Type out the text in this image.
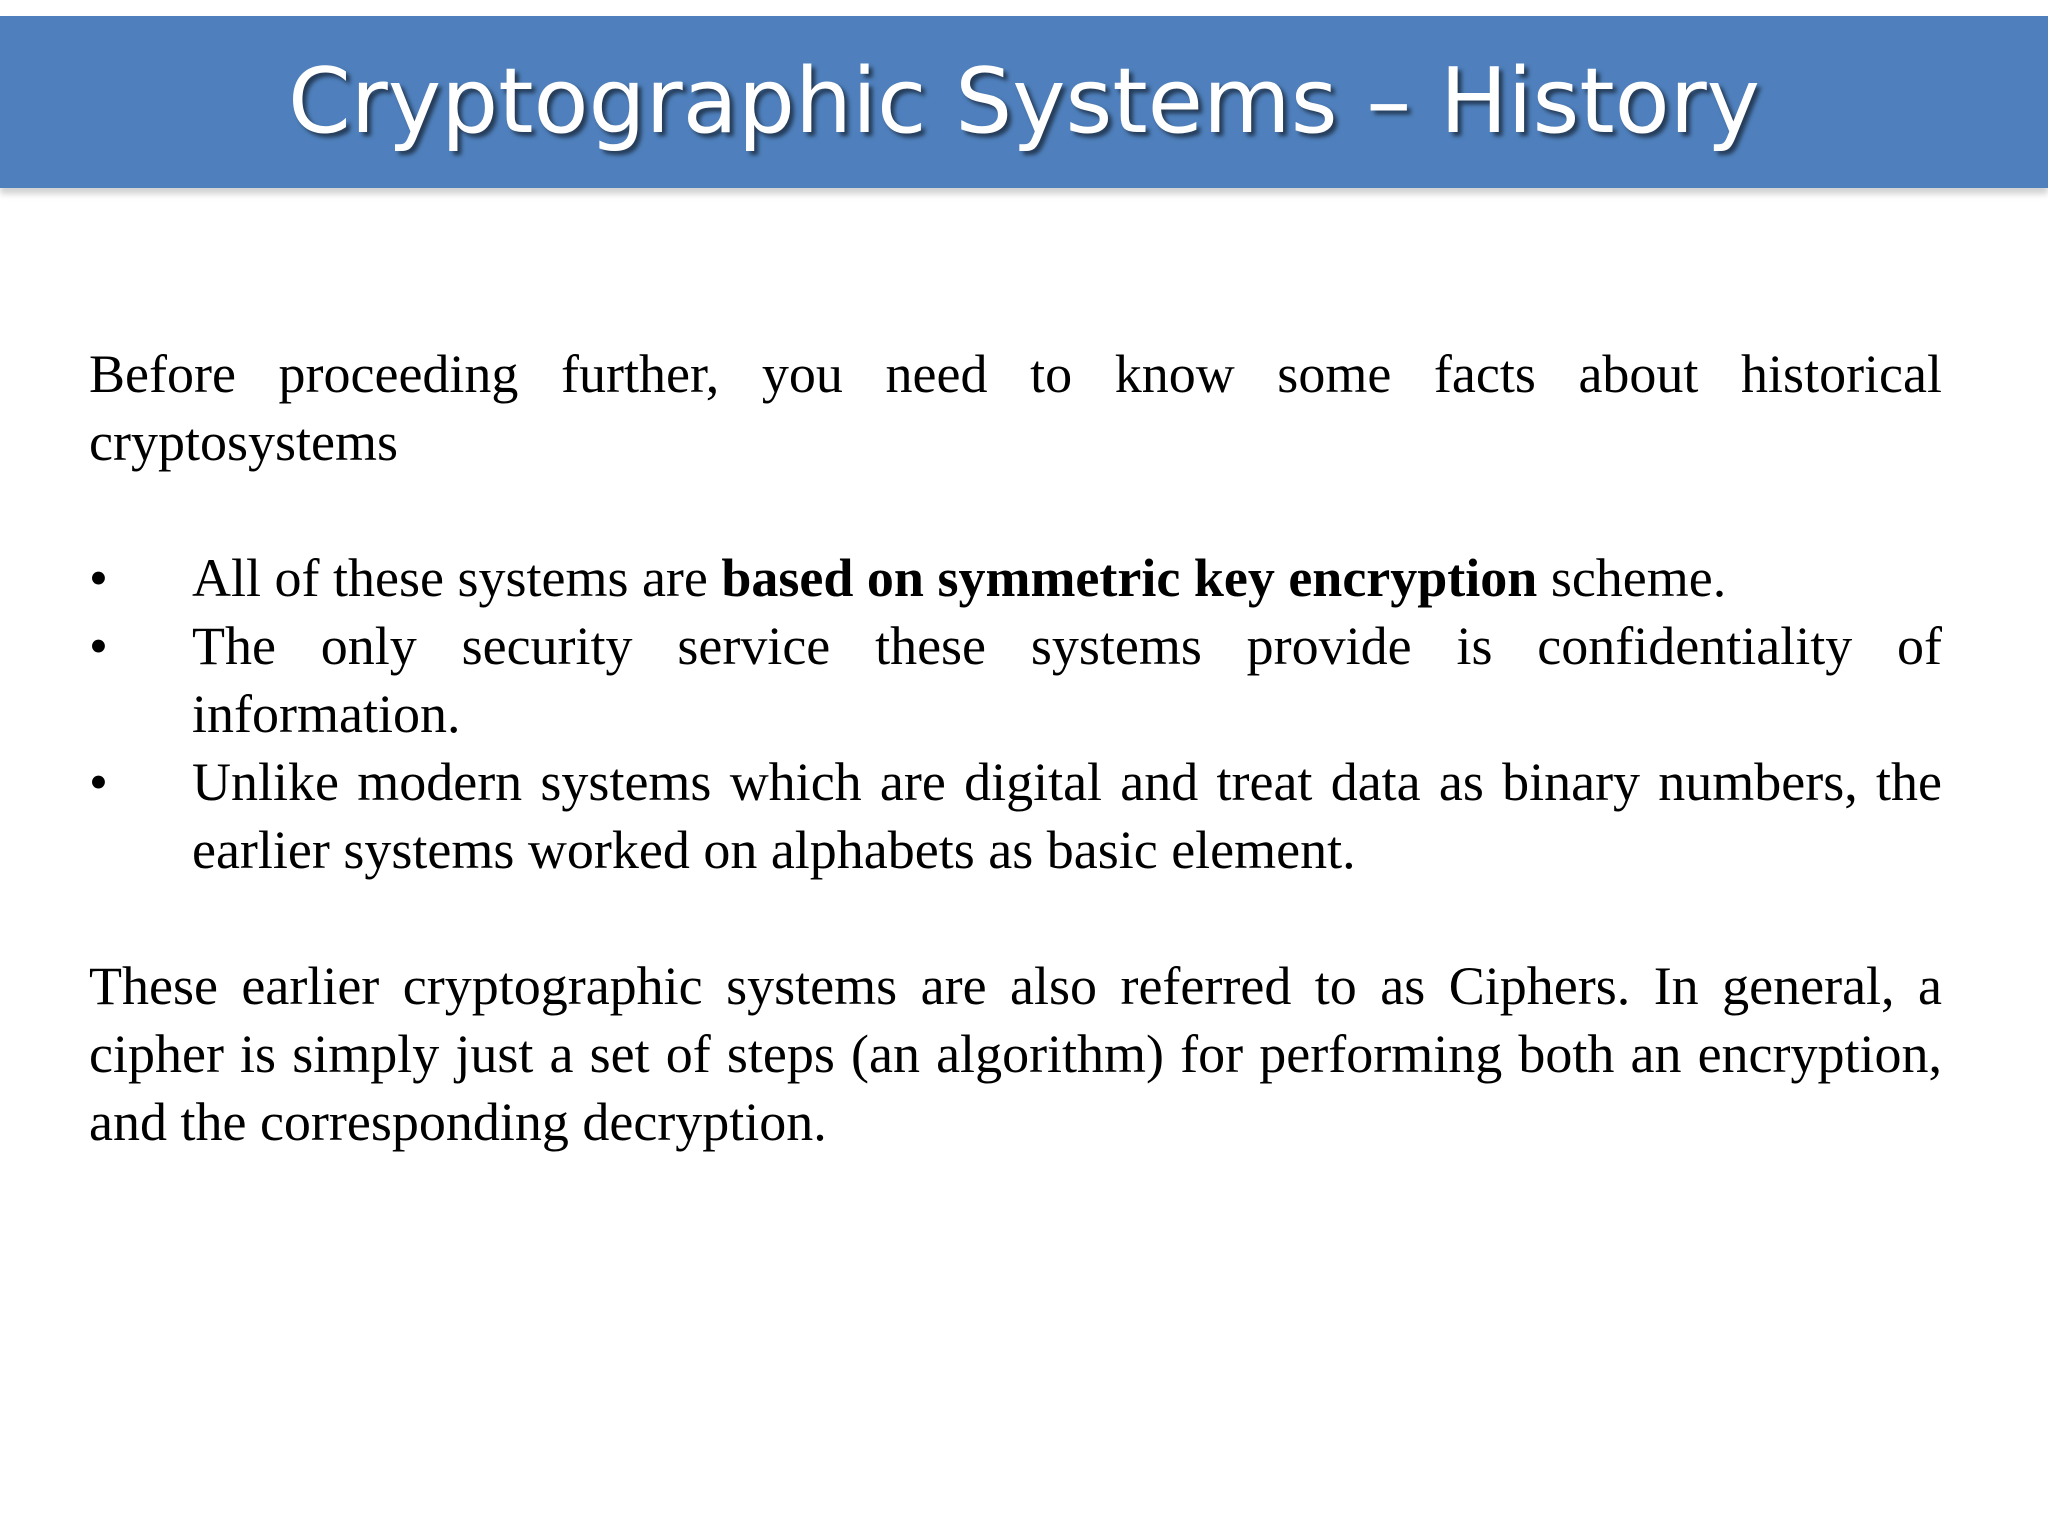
Cryptographic Systems – History

Before proceeding further, you need to know some facts about historical cryptosystems

• All of these systems are based on symmetric key encryption scheme.
• The only security service these systems provide is confidentiality of information.
• Unlike modern systems which are digital and treat data as binary numbers, the earlier systems worked on alphabets as basic element.

These earlier cryptographic systems are also referred to as Ciphers. In general, a cipher is simply just a set of steps (an algorithm) for performing both an encryption, and the corresponding decryption.
